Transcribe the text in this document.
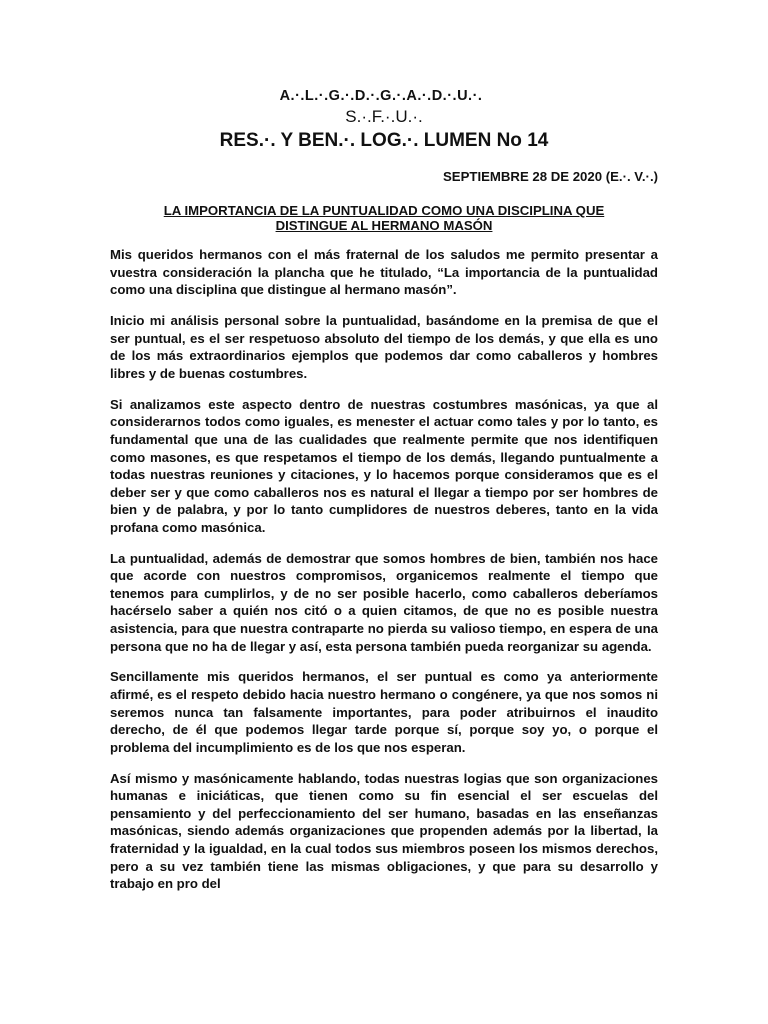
A.·.L.·.G.·.D.·.G.·.A.·.D.·.U.·.
S.·.F.·.U.·.
RES.·. Y BEN.·. LOG.·. LUMEN No 14
SEPTIEMBRE 28 DE 2020 (E.·. V.·.)
LA IMPORTANCIA DE LA PUNTUALIDAD COMO UNA DISCIPLINA QUE
DISTINGUE AL HERMANO MASÓN

Mis queridos hermanos con el más fraternal de los saludos me permito presentar a vuestra consideración la plancha que he titulado, “La importancia de la puntualidad como una disciplina que distingue al hermano masón”.

Inicio mi análisis personal sobre la puntualidad, basándome en la premisa de que el ser puntual, es el ser respetuoso absoluto del tiempo de los demás, y que ella es uno de los más extraordinarios ejemplos que podemos dar como caballeros y hombres libres y de buenas costumbres.

Si analizamos este aspecto dentro de nuestras costumbres masónicas, ya que al considerarnos todos como iguales, es menester el actuar como tales y por lo tanto, es fundamental que una de las cualidades que realmente permite que nos identifiquen como masones, es que respetamos el tiempo de los demás, llegando puntualmente a todas nuestras reuniones y citaciones, y lo hacemos porque consideramos que es el deber ser y que como caballeros nos es natural el llegar a tiempo por ser hombres de bien y de palabra, y por lo tanto cumplidores de nuestros deberes, tanto en la vida profana como masónica.

La puntualidad, además de demostrar que somos hombres de bien, también nos hace que acorde con nuestros compromisos, organicemos realmente el tiempo que tenemos para cumplirlos, y de no ser posible hacerlo, como caballeros deberíamos hacérselo saber a quién nos citó o a quien citamos, de que no es posible nuestra asistencia, para que nuestra contraparte no pierda su valioso tiempo, en espera de una persona que no ha de llegar y así, esta persona también pueda reorganizar su agenda.

Sencillamente mis queridos hermanos, el ser puntual es como ya anteriormente afirmé, es el respeto debido hacia nuestro hermano o congénere, ya que nos somos ni seremos nunca tan falsamente importantes, para poder atribuirnos el inaudito derecho, de él que podemos llegar tarde porque sí, porque soy yo, o porque el problema del incumplimiento es de los que nos esperan.

Así mismo y masónicamente hablando, todas nuestras logias que son organizaciones humanas e iniciáticas, que tienen como su fin esencial el ser escuelas del pensamiento y del perfeccionamiento del ser humano, basadas en las enseñanzas masónicas, siendo además organizaciones que propenden además por la libertad, la fraternidad y la igualdad, en la cual todos sus miembros poseen los mismos derechos, pero a su vez también tiene las mismas obligaciones, y que para su desarrollo y trabajo en pro del
